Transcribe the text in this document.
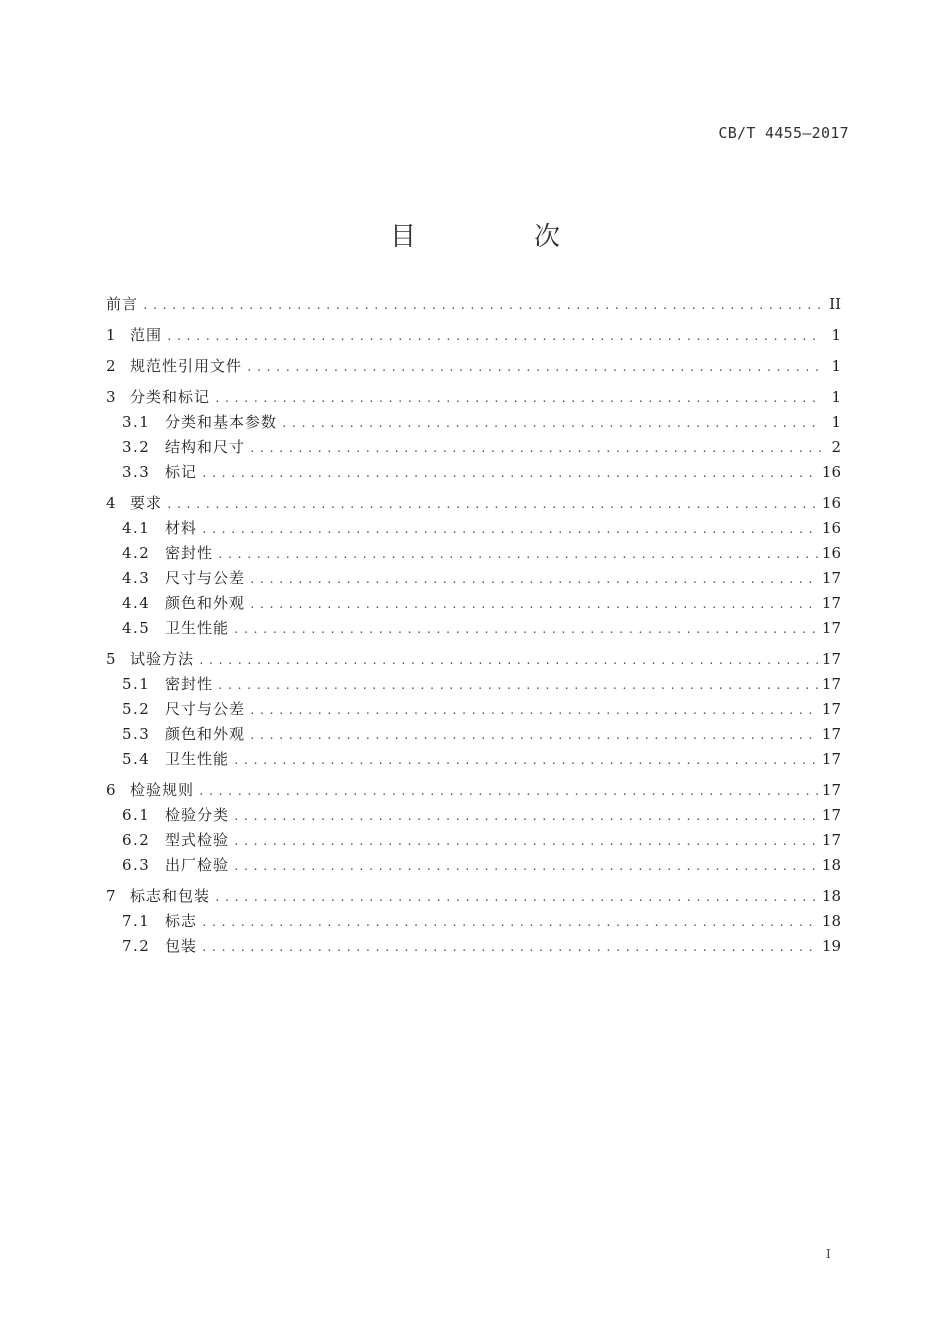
CB/T 4455—2017
目　次
前言 .....	II
1 范围 .....	1
2 规范性引用文件 .....	1
3 分类和标记 .....	1
3.1 分类和基本参数 .....	1
3.2 结构和尺寸 .....	2
3.3 标记 .....	16
4 要求 .....	16
4.1 材料 .....	16
4.2 密封性 .....	16
4.3 尺寸与公差 .....	17
4.4 颜色和外观 .....	17
4.5 卫生性能 .....	17
5 试验方法 .....	17
5.1 密封性 .....	17
5.2 尺寸与公差 .....	17
5.3 颜色和外观 .....	17
5.4 卫生性能 .....	17
6 检验规则 .....	17
6.1 检验分类 .....	17
6.2 型式检验 .....	17
6.3 出厂检验 .....	18
7 标志和包装 .....	18
7.1 标志 .....	18
7.2 包装 .....	19
I
